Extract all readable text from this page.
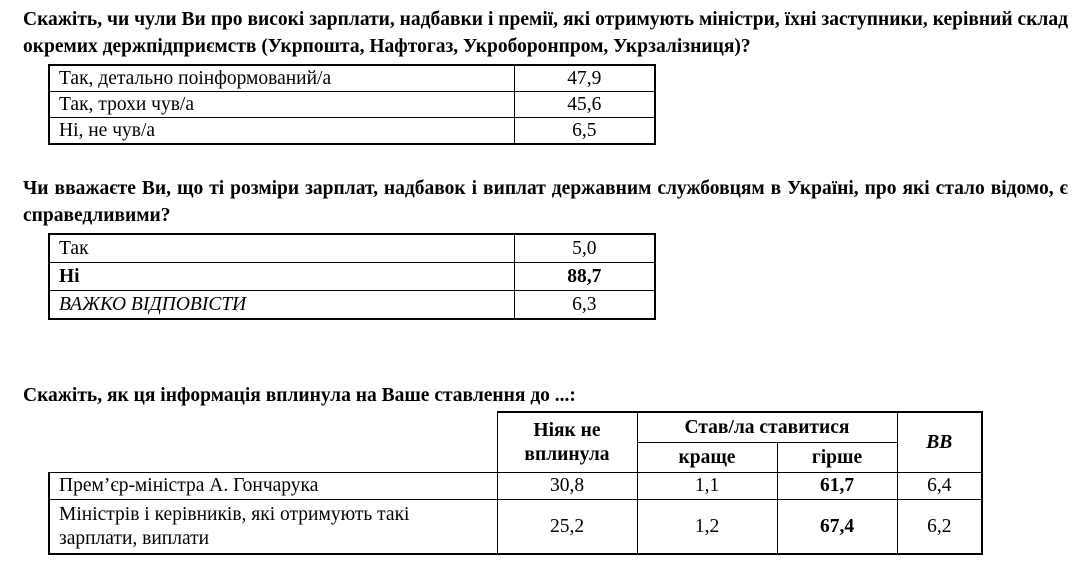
Скажіть, чи чули Ви про високі зарплати, надбавки і премії, які отримують міністри, їхні заступники, керівний склад окремих держпідприємств (Укрпошта, Нафтогаз, Укроборонпром, Укрзалізниця)?

Так, детально поінформований/а	47,9
Так, трохи чув/а	45,6
Ні, не чув/а	6,5

Чи вважаєте Ви, що ті розміри зарплат, надбавок і виплат державним службовцям в Україні, про які стало відомо, є справедливими?

Так	5,0
Ні	88,7
ВАЖКО ВІДПОВІСТИ	6,3

Скажіть, як ця інформація вплинула на Ваше ставлення до ...:

	Ніяк не вплинула	Став/ла ставитися		ВВ
		краще	гірше	
Прем’єр-міністра А. Гончарука	30,8	1,1	61,7	6,4
Міністрів і керівників, які отримують такі зарплати, виплати	25,2	1,2	67,4	6,2
